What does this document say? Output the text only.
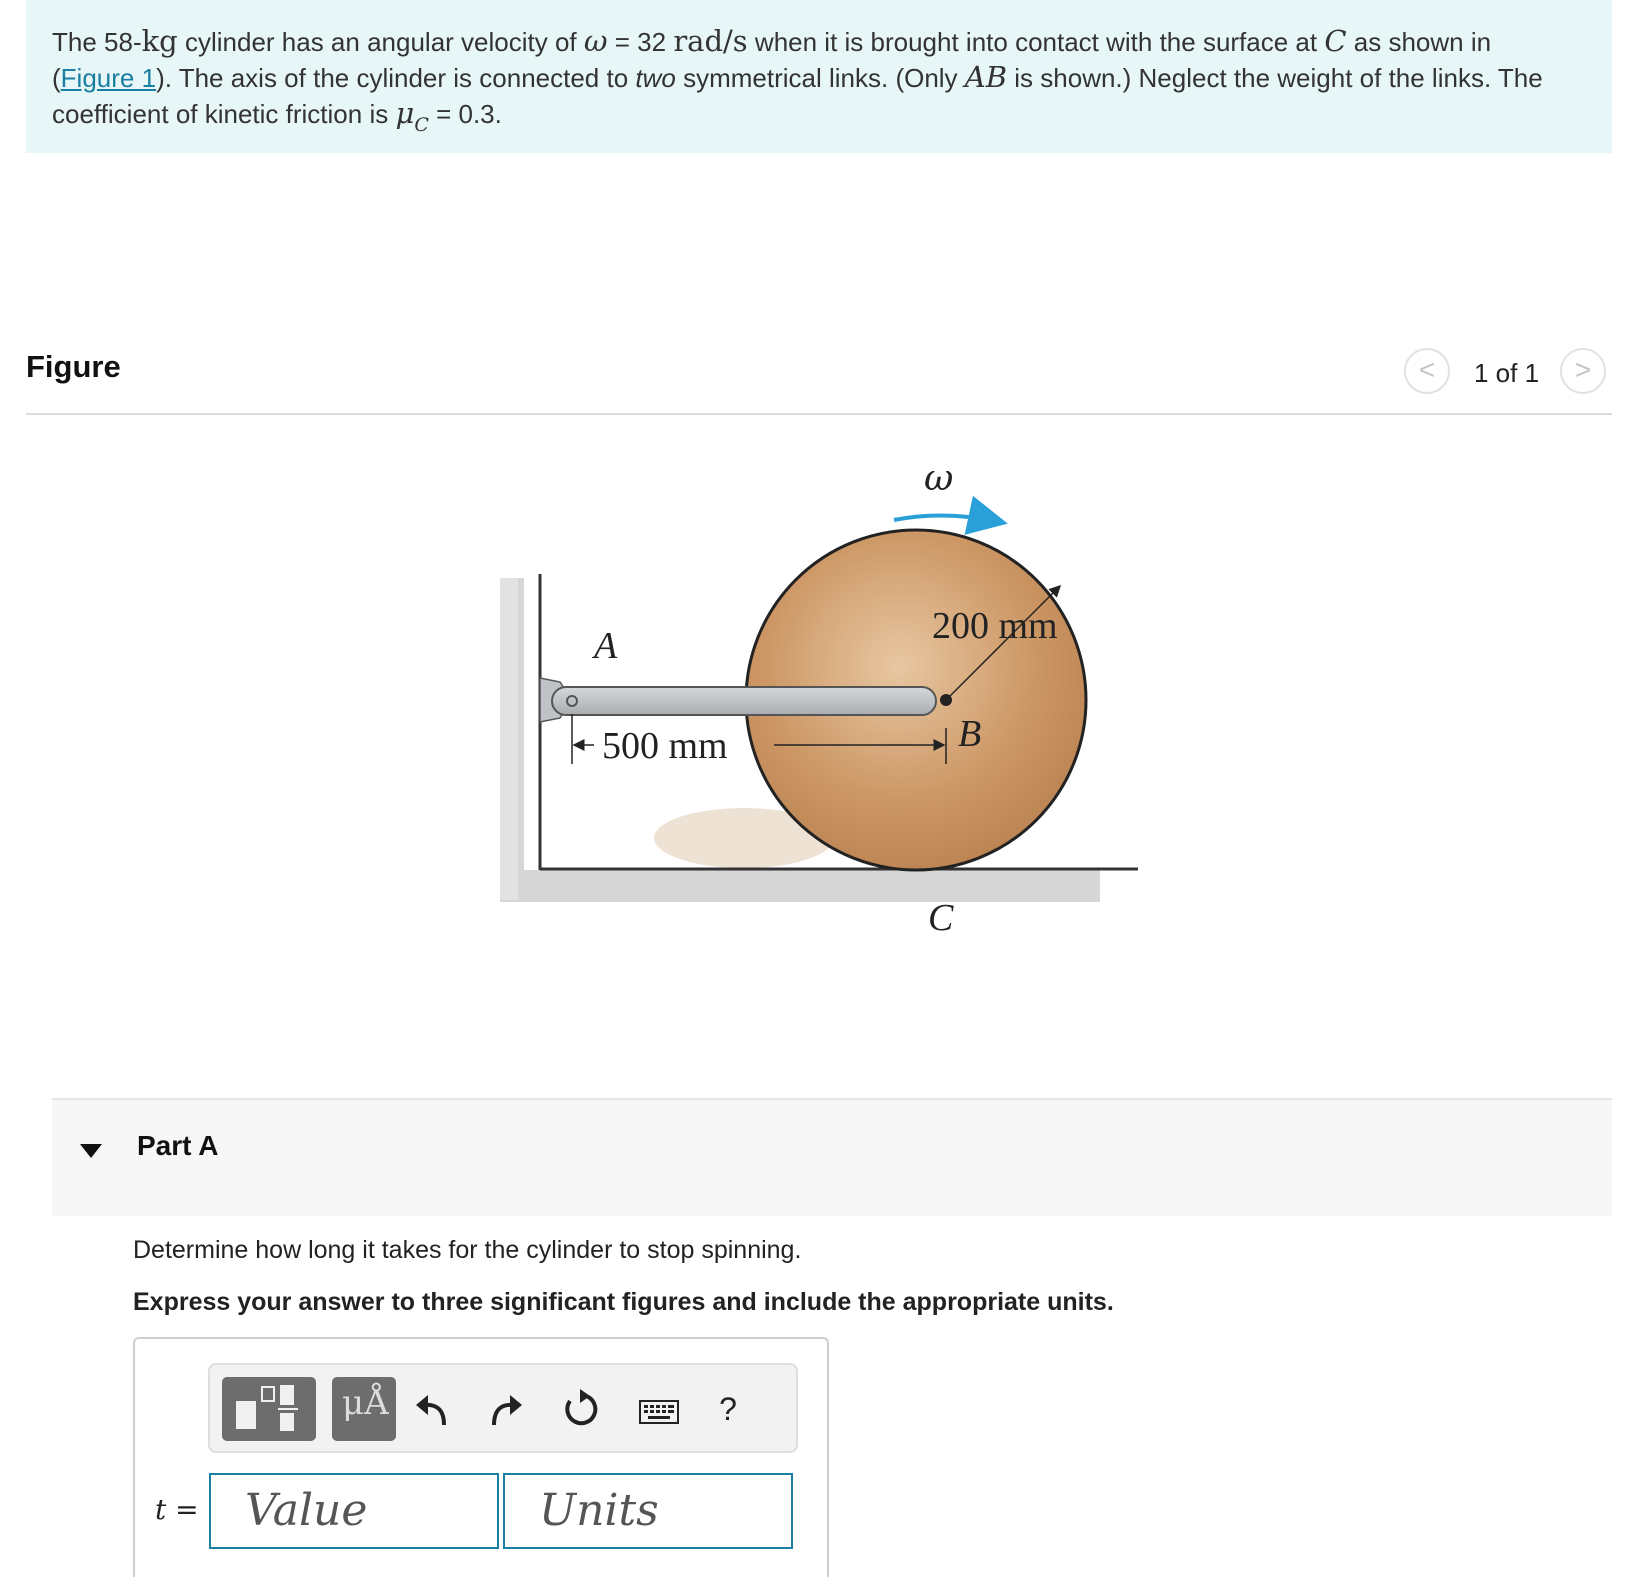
The 58-kg cylinder has an angular velocity of ω = 32 rad/s when it is brought into contact with the surface at C as shown in
(Figure 1). The axis of the cylinder is connected to two symmetrical links. (Only AB is shown.) Neglect the weight of the links. The
coefficient of kinetic friction is $\mu_C = 0.3$.
Figure	<	1 of 1	>
ω
200 mm
A
500 mm	B
C
Part A
Determine how long it takes for the cylinder to stop spinning.
Express your answer to three significant figures and include the appropriate units.
μÅ	?
t =	Value	Units
